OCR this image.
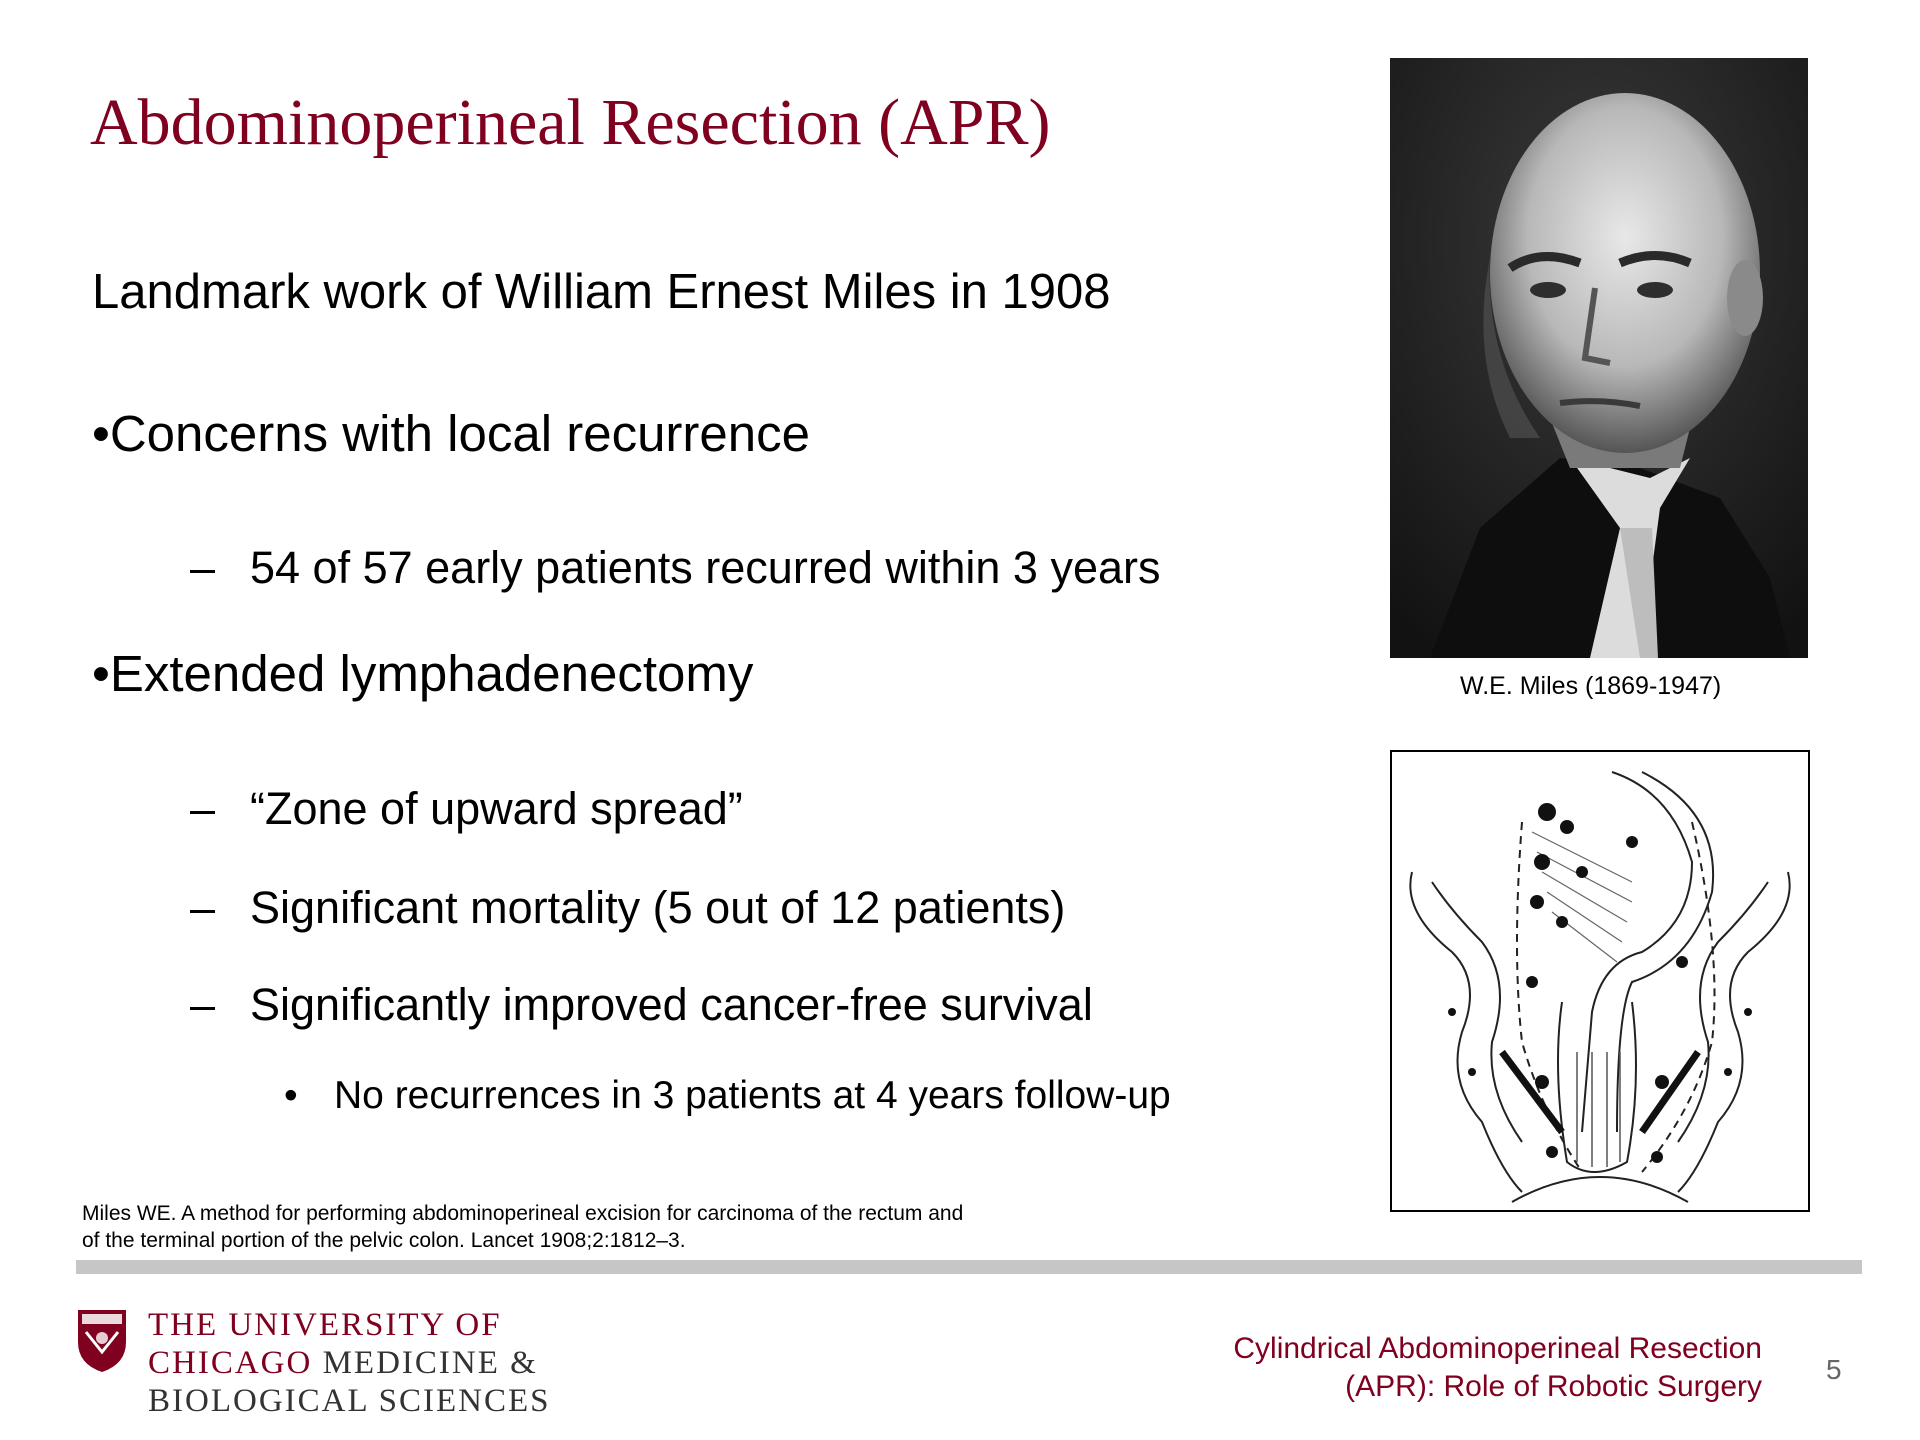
Abdominoperineal Resection (APR)
Landmark work of William Ernest Miles in 1908
•Concerns with local recurrence
– 54 of 57 early patients recurred within 3 years
•Extended lymphadenectomy
– “Zone of upward spread”
– Significant mortality (5 out of 12 patients)
– Significantly improved cancer-free survival
• No recurrences in 3 patients at 4 years follow-up
W.E. Miles (1869-1947)
Miles WE. A method for performing abdominoperineal excision for carcinoma of the rectum and of the terminal portion of the pelvic colon. Lancet 1908;2:1812–3.
THE UNIVERSITY OF
CHICAGO MEDICINE &
BIOLOGICAL SCIENCES
Cylindrical Abdominoperineal Resection
(APR): Role of Robotic Surgery
5
